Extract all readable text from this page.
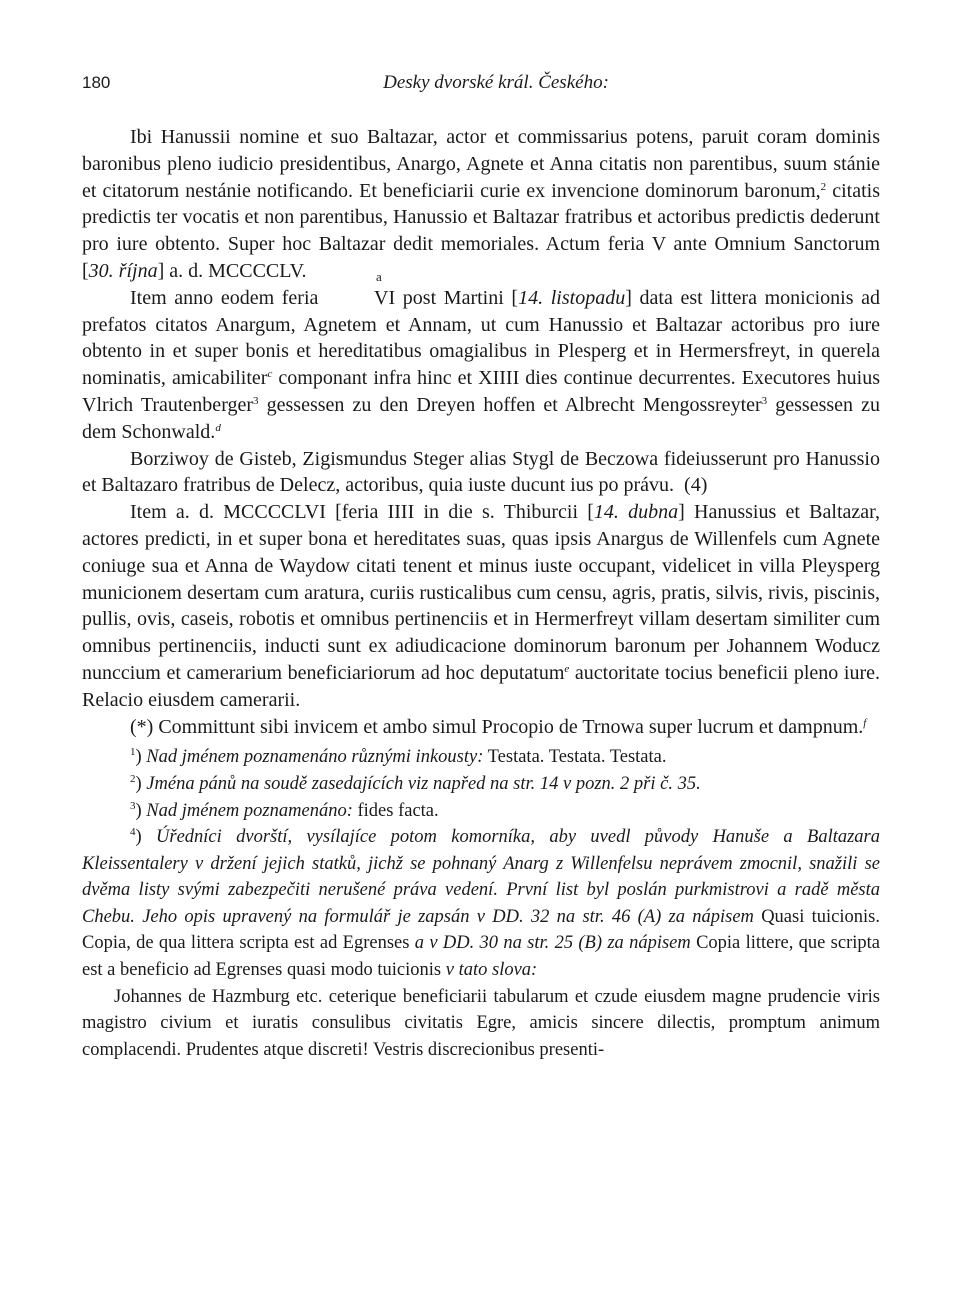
180	Desky dvorské král. Českého:

Ibi Hanussii nomine et suo Baltazar, actor et commissarius potens, paruit coram dominis baronibus pleno iudicio presidentibus, Anargo, Agnete et Anna citatis non parentibus, suum stánie et citatorum nestánie notificando. Et beneficiarii curie ex invencione dominorum baronum,$^2$ citatis predictis ter vocatis et non parentibus, Hanussio et Baltazar fratribus et actoribus predictis dederunt pro iure obtento. Super hoc Baltazar dedit memoriales. Actum feria V ante Omnium Sanctorum [30. října] a. d. MCCCCLV.

Item anno eodem feria
a
VI post Martini [14. listopadu] data est littera monicionis ad prefatos citatos Anargum, Agnetem et Annam, ut cum Hanussio et Baltazar actoribus pro iure obtento in et super bonis et hereditatibus omagialibus in Plesperg et in Hermersfreyt, in querela nominatis, amicabiliter$^c$ componant infra hinc et XIIII dies continue decurrentes. Executores huius Vlrich Trautenberger$^3$ gessessen zu den Dreyen hoffen et Albrecht Mengossreyter$^3$ gessessen zu dem Schonwald.$^d$

Borziwoy de Gisteb, Zigismundus Steger alias Stygl de Beczowa fideiusserunt pro Hanussio et Baltazaro fratribus de Delecz, actoribus, quia iuste ducunt ius po právu. (4)

Item a. d. MCCCCLVI [feria IIII in die s. Thiburcii [14. dubna] Hanussius et Baltazar, actores predicti, in et super bona et hereditates suas, quas ipsis Anargus de Willenfels cum Agnete coniuge sua et Anna de Waydow citati tenent et minus iuste occupant, videlicet in villa Pleysperg municionem desertam cum aratura, curiis rusticalibus cum censu, agris, pratis, silvis, rivis, piscinis, pullis, ovis, caseis, robotis et omnibus pertinenciis et in Hermerfreyt villam desertam similiter cum omnibus pertinenciis, inducti sunt ex adiudicacione dominorum baronum per Johannem Woducz nunccium et camerarium beneficiariorum ad hoc deputatum$^e$ auctoritate tocius beneficii pleno iure. Relacio eiusdem camerarii.

(*) Committunt sibi invicem et ambo simul Procopio de Trnowa super lucrum et dampnum.$^f$

$^1$) Nad jménem poznamenáno různými inkousty: Testata. Testata. Testata.

$^2$) Jména pánů na soudě zasedajících viz napřed na str. 14 v pozn. 2 při č. 35.

$^3$) Nad jménem poznamenáno: fides facta.

$^4$) Úředníci dvorští, vysílajíce potom komorníka, aby uvedl původy Hanuše a Baltazara Kleissentalery v držení jejich statků, jichž se pohnaný Anarg z Willenfelsu neprávem zmocnil, snažili se dvěma listy svými zabezpečiti nerušené práva vedení. První list byl poslán purkmistrovi a radě města Chebu. Jeho opis upravený na formulář je zapsán v DD. 32 na str. 46 (A) za nápisem Quasi tuicionis. Copia, de qua littera scripta est ad Egrenses a v DD. 30 na str. 25 (B) za nápisem Copia littere, que scripta est a beneficio ad Egrenses quasi modo tuicionis v tato slova:

Johannes de Hazmburg etc. ceterique beneficiarii tabularum et czude eiusdem magne prudencie viris magistro civium et iuratis consulibus civitatis Egre, amicis sincere dilectis, promptum animum complacendi. Prudentes atque discreti! Vestris discrecionibus presenti-
